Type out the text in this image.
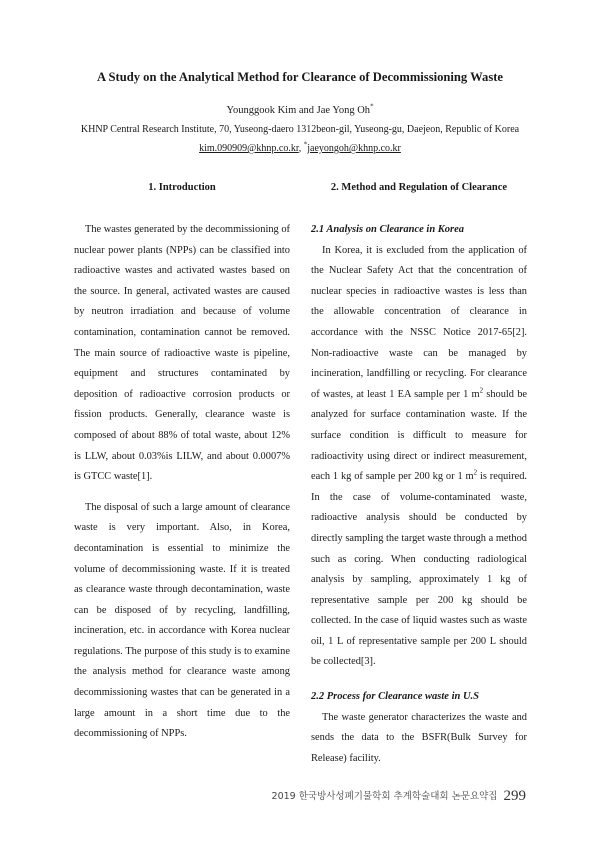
A Study on the Analytical Method for Clearance of Decommissioning Waste
Younggook Kim and Jae Yong Oh*
KHNP Central Research Institute, 70, Yuseong-daero 1312beon-gil, Yuseong-gu, Daejeon, Republic of Korea
kim.090909@khnp.co.kr, *jaeyongoh@khnp.co.kr
1. Introduction	2. Method and Regulation of Clearance

The wastes generated by the decommissioning of nuclear power plants (NPPs) can be classified into radioactive wastes and activated wastes based on the source. In general, activated wastes are caused by neutron irradiation and because of volume contamination, contamination cannot be removed. The main source of radioactive waste is pipeline, equipment and structures contaminated by deposition of radioactive corrosion products or fission products. Generally, clearance waste is composed of about 88% of total waste, about 12% is LLW, about 0.03%is LILW, and about 0.0007% is GTCC waste[1].

The disposal of such a large amount of clearance waste is very important. Also, in Korea, decontamination is essential to minimize the volume of decommissioning waste. If it is treated as clearance waste through decontamination, waste can be disposed of by recycling, landfilling, incineration, etc. in accordance with Korea nuclear regulations. The purpose of this study is to examine the analysis method for clearance waste among decommissioning wastes that can be generated in a large amount in a short time due to the decommissioning of NPPs.

2.1 Analysis on Clearance in Korea

In Korea, it is excluded from the application of the Nuclear Safety Act that the concentration of nuclear species in radioactive wastes is less than the allowable concentration of clearance in accordance with the NSSC Notice 2017-65[2]. Non-radioactive waste can be managed by incineration, landfilling or recycling. For clearance of wastes, at least 1 EA sample per 1 $m^2$ should be analyzed for surface contamination waste. If the surface condition is difficult to measure for radioactivity using direct or indirect measurement, each 1 kg of sample per 200 kg or 1 $m^2$ is required. In the case of volume-contaminated waste, radioactive analysis should be conducted by directly sampling the target waste through a method such as coring. When conducting radiological analysis by sampling, approximately 1 kg of representative sample per 200 kg should be collected. In the case of liquid wastes such as waste oil, 1 L of representative sample per 200 L should be collected[3].

2.2 Process for Clearance waste in U.S

The waste generator characterizes the waste and sends the data to the BSFR(Bulk Survey for Release) facility.

2019 한국방사성폐기물학회 추계학술대회 논문요약집 299
